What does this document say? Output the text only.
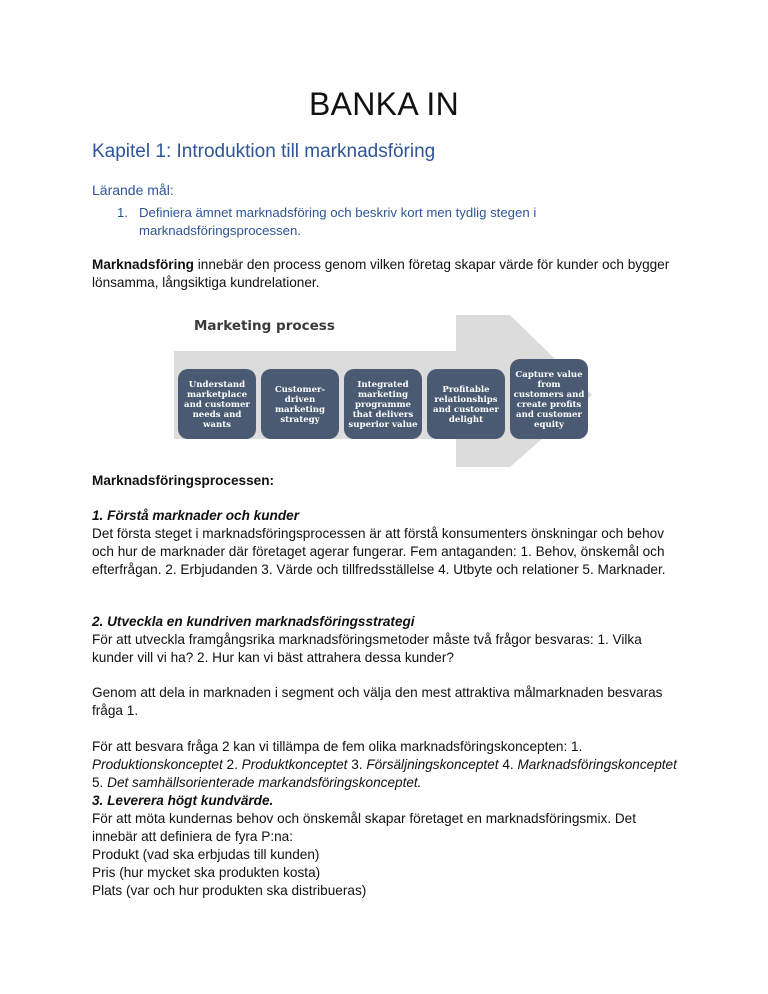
BANKA IN
Kapitel 1: Introduktion till marknadsföring
Lärande mål:
1. Definiera ämnet marknadsföring och beskriv kort men tydlig stegen i marknadsföringsprocessen.

Marknadsföring innebär den process genom vilken företag skapar värde för kunder och bygger lönsamma, långsiktiga kundrelationer.

Marketing process
Understand
marketplace
and customer
needs and
wants
Customer-
driven
marketing
strategy
Integrated
marketing
programme
that delivers
superior value
Profitable
relationships
and customer
delight
Capture value
from
customers and
create profits
and customer
equity

Marknadsföringsprocessen:

1. Förstå marknader och kunder

Det första steget i marknadsföringsprocessen är att förstå konsumenters önskningar och behov och hur de marknader där företaget agerar fungerar. Fem antaganden: 1. Behov, önskemål och efterfrågan. 2. Erbjudanden 3. Värde och tillfredsställelse 4. Utbyte och relationer 5. Marknader.

2. Utveckla en kundriven marknadsföringsstrategi

För att utveckla framgångsrika marknadsföringsmetoder måste två frågor besvaras: 1. Vilka kunder vill vi ha? 2. Hur kan vi bäst attrahera dessa kunder?

Genom att dela in marknaden i segment och välja den mest attraktiva målmarknaden besvaras fråga 1.

För att besvara fråga 2 kan vi tillämpa de fem olika marknadsföringskoncepten: 1. Produktionskonceptet 2. Produktkonceptet 3. Försäljningskonceptet 4. Marknadsföringskonceptet 5. Det samhällsorienterade markandsföringskonceptet.

3. Leverera högt kundvärde.

För att möta kundernas behov och önskemål skapar företaget en marknadsföringsmix. Det innebär att definiera de fyra P:na:

Produkt (vad ska erbjudas till kunden)

Pris (hur mycket ska produkten kosta)

Plats (var och hur produkten ska distribueras)
